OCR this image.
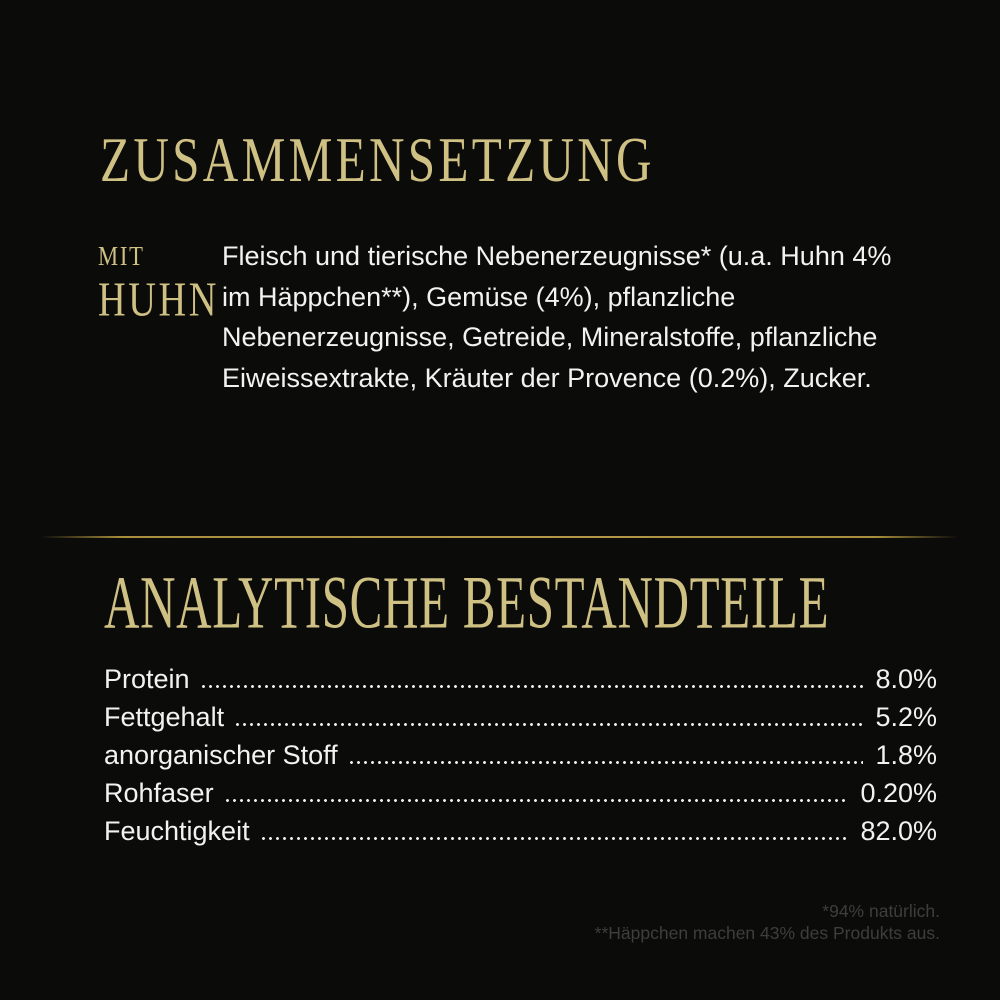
ZUSAMMENSETZUNG
MIT
HUHN

Fleisch und tierische Nebenerzeugnisse* (u.a. Huhn 4% im Häppchen**), Gemüse (4%), pflanzliche Nebenerzeugnisse, Getreide, Mineralstoffe, pflanzliche Eiweissextrakte, Kräuter der Provence (0.2%), Zucker.

ANALYTISCHE BESTANDTEILE
Protein	8.0%
Fettgehalt	5.2%
anorganischer Stoff	1.8%
Rohfaser	0.20%
Feuchtigkeit	82.0%
*94% natürlich.
**Häppchen machen 43% des Produkts aus.
